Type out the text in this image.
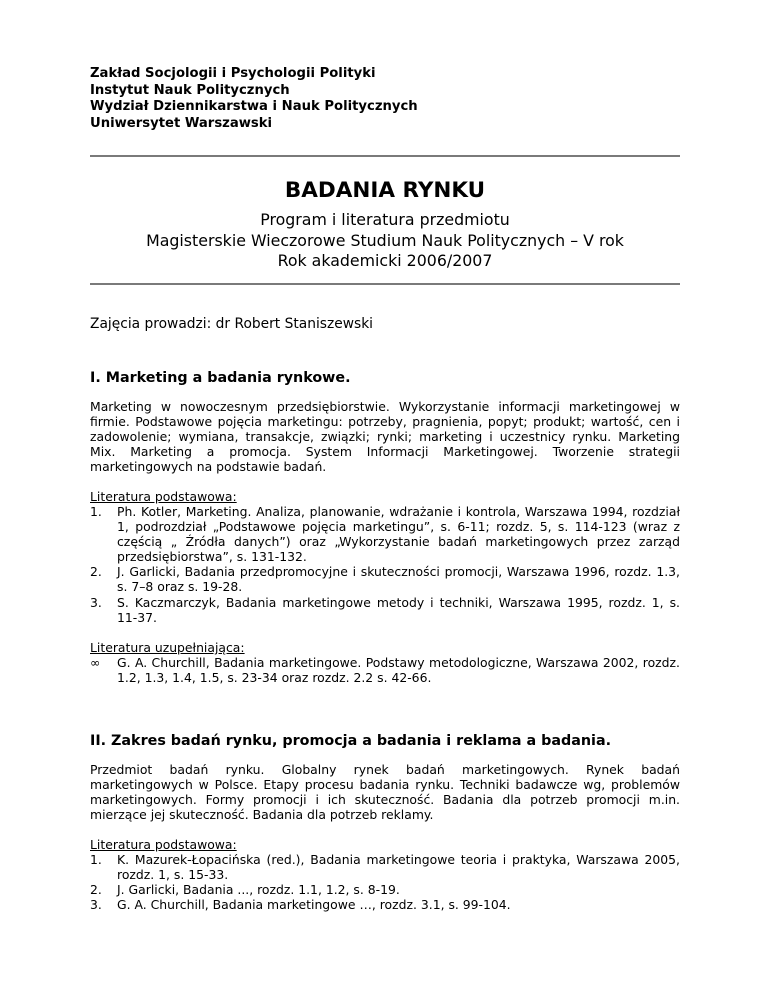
Zakład Socjologii i Psychologii Polityki
Instytut Nauk Politycznych
Wydział Dziennikarstwa i Nauk Politycznych
Uniwersytet Warszawski
BADANIA RYNKU
Program i literatura przedmiotu
Magisterskie Wieczorowe Studium Nauk Politycznych – V rok
Rok akademicki 2006/2007
Zajęcia prowadzi: dr Robert Staniszewski
I. Marketing a badania rynkowe.
Marketing w nowoczesnym przedsiębiorstwie. Wykorzystanie informacji marketingowej w firmie. Podstawowe pojęcia marketingu: potrzeby, pragnienia, popyt; produkt; wartość, cen i zadowolenie; wymiana, transakcje, związki; rynki; marketing i uczestnicy rynku. Marketing Mix. Marketing a promocja. System Informacji Marketingowej. Tworzenie strategii marketingowych na podstawie badań.
Literatura podstawowa:
1. Ph. Kotler, Marketing. Analiza, planowanie, wdrażanie i kontrola, Warszawa 1994, rozdział 1, podrozdział „Podstawowe pojęcia marketingu”, s. 6-11; rozdz. 5, s. 114-123 (wraz z częścią „ Źródła danych”) oraz „Wykorzystanie badań marketingowych przez zarząd przedsiębiorstwa”, s. 131-132.
2. J. Garlicki, Badania przedpromocyjne i skuteczności promocji, Warszawa 1996, rozdz. 1.3, s. 7–8 oraz s. 19-28.
3. S. Kaczmarczyk, Badania marketingowe metody i techniki, Warszawa 1995, rozdz. 1, s. 11-37.
Literatura uzupełniająca:
∞ G. A. Churchill, Badania marketingowe. Podstawy metodologiczne, Warszawa 2002, rozdz. 1.2, 1.3, 1.4, 1.5, s. 23-34 oraz rozdz. 2.2 s. 42-66.
II. Zakres badań rynku, promocja a badania i reklama a badania.
Przedmiot badań rynku. Globalny rynek badań marketingowych. Rynek badań marketingowych w Polsce. Etapy procesu badania rynku. Techniki badawcze wg, problemów marketingowych. Formy promocji i ich skuteczność. Badania dla potrzeb promocji m.in. mierzące jej skuteczność. Badania dla potrzeb reklamy.
Literatura podstawowa:
1. K. Mazurek-Łopacińska (red.), Badania marketingowe teoria i praktyka, Warszawa 2005, rozdz. 1, s. 15-33.
2. J. Garlicki, Badania ..., rozdz. 1.1, 1.2, s. 8-19.
3. G. A. Churchill, Badania marketingowe …, rozdz. 3.1, s. 99-104.
